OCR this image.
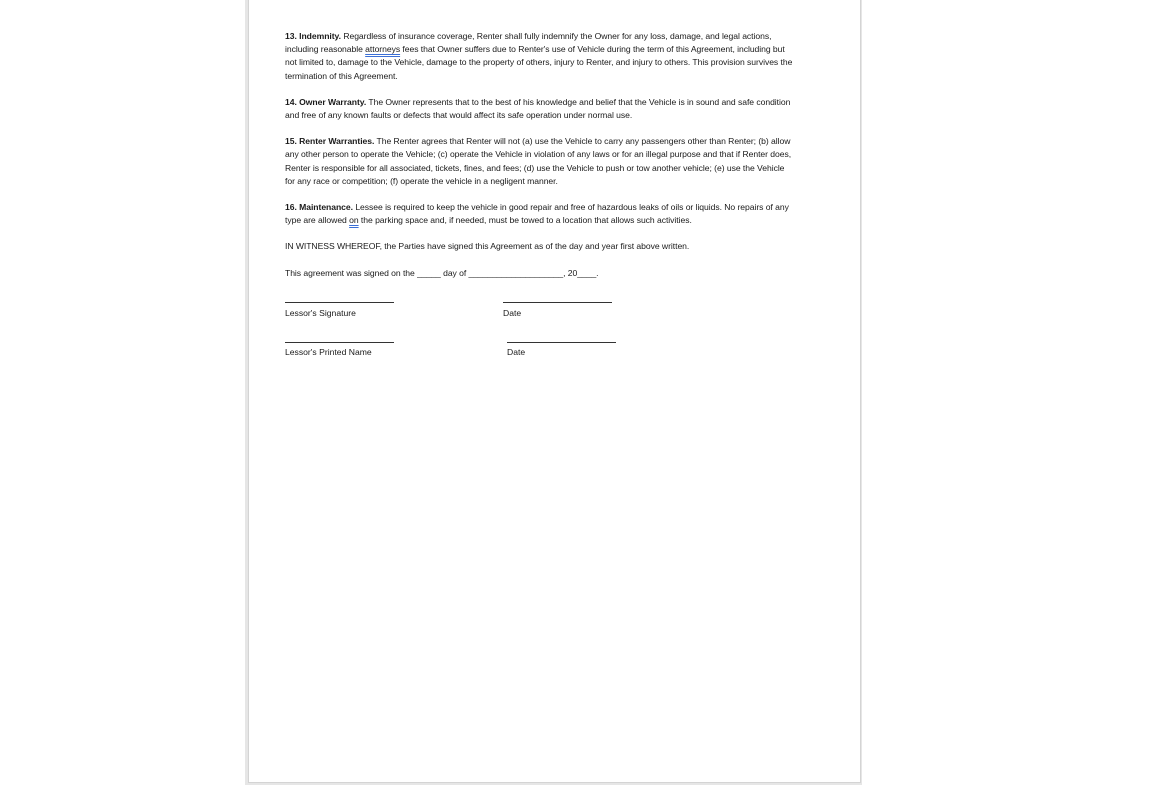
13. Indemnity. Regardless of insurance coverage, Renter shall fully indemnify the Owner for any loss, damage, and legal actions, including reasonable attorneys fees that Owner suffers due to Renter's use of Vehicle during the term of this Agreement, including but not limited to, damage to the Vehicle, damage to the property of others, injury to Renter, and injury to others. This provision survives the termination of this Agreement.

14. Owner Warranty. The Owner represents that to the best of his knowledge and belief that the Vehicle is in sound and safe condition and free of any known faults or defects that would affect its safe operation under normal use.

15. Renter Warranties. The Renter agrees that Renter will not (a) use the Vehicle to carry any passengers other than Renter; (b) allow any other person to operate the Vehicle; (c) operate the Vehicle in violation of any laws or for an illegal purpose and that if Renter does, Renter is responsible for all associated, tickets, fines, and fees; (d) use the Vehicle to push or tow another vehicle; (e) use the Vehicle for any race or competition; (f) operate the vehicle in a negligent manner.

16. Maintenance. Lessee is required to keep the vehicle in good repair and free of hazardous leaks of oils or liquids. No repairs of any type are allowed on the parking space and, if needed, must be towed to a location that allows such activities.

IN WITNESS WHEREOF, the Parties have signed this Agreement as of the day and year first above written.

This agreement was signed on the _____ day of ____________________, 20____.

Lessor's Signature	Date
Lessor's Printed Name	Date
